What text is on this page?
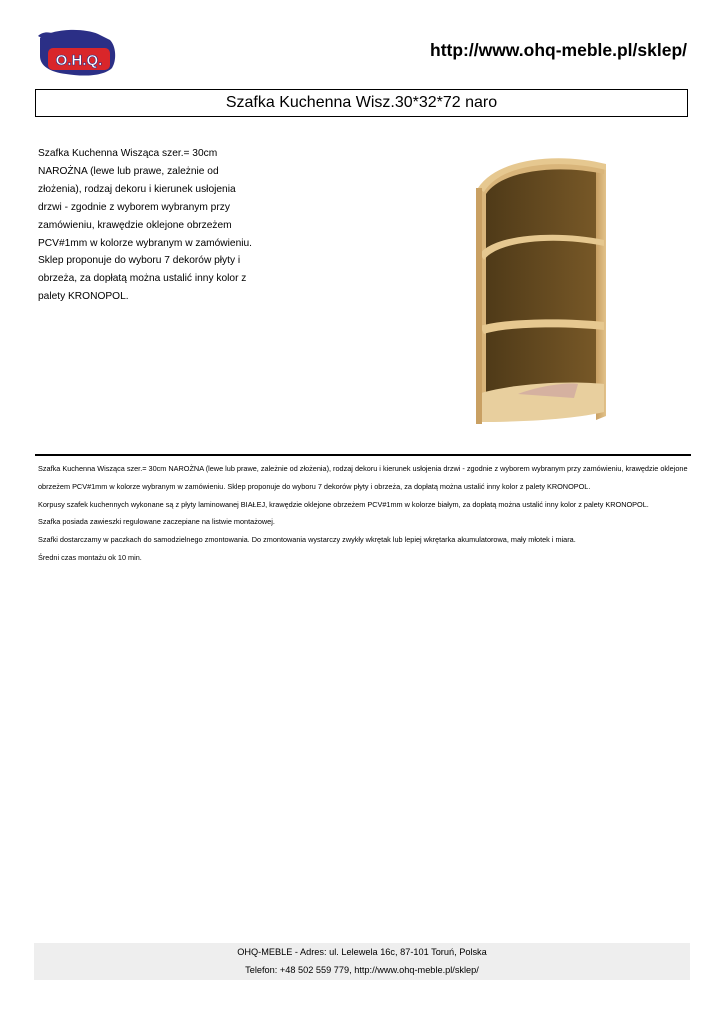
O.H.Q.
http://www.ohq-meble.pl/sklep/
Szafka Kuchenna Wisz.30*32*72 naro
Szafka Kuchenna Wisząca szer.= 30cm NAROŻNA (lewe lub prawe, zależnie od złożenia), rodzaj dekoru i kierunek usłojenia drzwi - zgodnie z wyborem wybranym przy zamówieniu, krawędzie oklejone obrzeżem PCV#1mm w kolorze wybranym w zamówieniu. Sklep proponuje do wyboru 7 dekorów płyty i obrzeża, za dopłatą można ustalić inny kolor z palety KRONOPOL.

Szafka Kuchenna Wisząca szer.= 30cm NAROŻNA (lewe lub prawe, zależnie od złożenia), rodzaj dekoru i kierunek usłojenia drzwi - zgodnie z wyborem wybranym przy zamówieniu, krawędzie oklejone obrzeżem PCV#1mm w kolorze wybranym w zamówieniu. Sklep proponuje do wyboru 7 dekorów płyty i obrzeża, za dopłatą można ustalić inny kolor z palety KRONOPOL.

Korpusy szafek kuchennych wykonane są z płyty laminowanej BIAŁEJ, krawędzie oklejone obrzeżem PCV#1mm w kolorze białym, za dopłatą można ustalić inny kolor z palety KRONOPOL.

Szafka posiada zawieszki regulowane zaczepiane na listwie montażowej.

Szafki dostarczamy w paczkach do samodzielnego zmontowania. Do zmontowania wystarczy zwykły wkrętak lub lepiej wkrętarka akumulatorowa, mały młotek i miara.

Średni czas montażu ok 10 min.

OHQ-MEBLE - Adres: ul. Lelewela 16c, 87-101 Toruń, Polska

Telefon: +48 502 559 779, http://www.ohq-meble.pl/sklep/
